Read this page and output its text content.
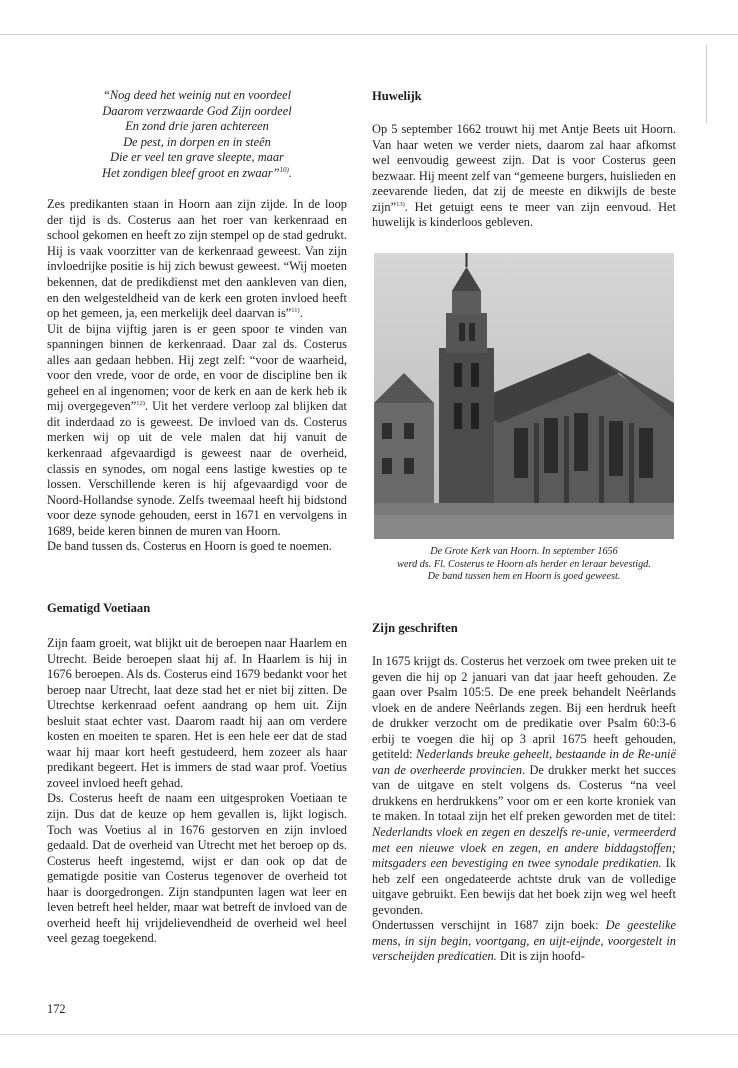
“Nog deed het weinig nut en voordeel
Daarom verzwaarde God Zijn oordeel
En zond drie jaren achtereen
De pest, in dorpen en in steên
Die er veel ten grave sleepte, maar
Het zondigen bleef groot en zwaar”$^{10)}$.

Zes predikanten staan in Hoorn aan zijn zijde. In de loop der tijd is ds. Costerus aan het roer van kerkenraad en school gekomen en heeft zo zijn stempel op de stad gedrukt. Hij is vaak voorzitter van de kerkenraad geweest. Van zijn invloedrijke positie is hij zich bewust geweest. “Wij moeten bekennen, dat de predikdienst met den aankleven van dien, en den welgesteldheid van de kerk een groten invloed heeft op het gemeen, ja, een merkelijk deel daarvan is”$^{11)}$.

Uit de bijna vijftig jaren is er geen spoor te vinden van spanningen binnen de kerkenraad. Daar zal ds. Costerus alles aan gedaan hebben. Hij zegt zelf: “voor de waarheid, voor den vrede, voor de orde, en voor de discipline ben ik geheel en al ingenomen; voor de kerk en aan de kerk heb ik mij overgegeven”$^{12)}$. Uit het verdere verloop zal blijken dat dit inderdaad zo is geweest. De invloed van ds. Costerus merken wij op uit de vele malen dat hij vanuit de kerkenraad afgevaardigd is geweest naar de overheid, classis en synodes, om nogal eens lastige kwesties op te lossen. Verschillende keren is hij afgevaardigd voor de Noord-Hollandse synode. Zelfs tweemaal heeft hij bidstond voor deze synode gehouden, eerst in 1671 en vervolgens in 1689, beide keren binnen de muren van Hoorn.

De band tussen ds. Costerus en Hoorn is goed te noemen.

Gematigd Voetiaan

Zijn faam groeit, wat blijkt uit de beroepen naar Haarlem en Utrecht. Beide beroepen slaat hij af. In Haarlem is hij in 1676 beroepen. Als ds. Costerus eind 1679 bedankt voor het beroep naar Utrecht, laat deze stad het er niet bij zitten. De Utrechtse kerkenraad oefent aandrang op hem uit. Zijn besluit staat echter vast. Daarom raadt hij aan om verdere kosten en moeiten te sparen. Het is een hele eer dat de stad waar hij maar kort heeft gestudeerd, hem zozeer als haar predikant begeert. Het is immers de stad waar prof. Voetius zoveel invloed heeft gehad.

Ds. Costerus heeft de naam een uitgesproken Voetiaan te zijn. Dus dat de keuze op hem gevallen is, lijkt logisch. Toch was Voetius al in 1676 gestorven en zijn invloed gedaald. Dat de overheid van Utrecht met het beroep op ds. Costerus heeft ingestemd, wijst er dan ook op dat de gematigde positie van Costerus tegenover de overheid tot haar is doorgedrongen. Zijn standpunten lagen wat leer en leven betreft heel helder, maar wat betreft de invloed van de overheid heeft hij vrijdelievendheid de overheid wel heel veel gezag toegekend.

172
Huwelijk

Op 5 september 1662 trouwt hij met Antje Beets uit Hoorn. Van haar weten we verder niets, daarom zal haar afkomst wel eenvoudig geweest zijn. Dat is voor Costerus geen bezwaar. Hij meent zelf van “gemeene burgers, huislieden en zeevarende lieden, dat zij de meeste en dikwijls de beste zijn”$^{13)}$. Het getuigt eens te meer van zijn eenvoud. Het huwelijk is kinderloos gebleven.

De Grote Kerk van Hoorn. In september 1656
werd ds. Fl. Costerus te Hoorn als herder en leraar bevestigd.
De band tussen hem en Hoorn is goed geweest.
Zijn geschriften

In 1675 krijgt ds. Costerus het verzoek om twee preken uit te geven die hij op 2 januari van dat jaar heeft gehouden. Ze gaan over Psalm 105:5. De ene preek behandelt Neêrlands vloek en de andere Neêrlands zegen. Bij een herdruk heeft de drukker verzocht om de predikatie over Psalm 60:3-6 erbij te voegen die hij op 3 april 1675 heeft gehouden, getiteld: Nederlands breuke geheelt, bestaande in de Re-unië van de overheerde provincien. De drukker merkt het succes van de uitgave en stelt volgens ds. Costerus “na veel drukkens en herdrukkens” voor om er een korte kroniek van te maken. In totaal zijn het elf preken geworden met de titel: Nederlandts vloek en zegen en deszelfs re-unie, vermeerderd met een nieuwe vloek en zegen, en andere biddagstoffen; mitsgaders een bevestiging en twee synodale predikatien. Ik heb zelf een ongedateerde achtste druk van de volledige uitgave gebruikt. Een bewijs dat het boek zijn weg wel heeft gevonden.

Ondertussen verschijnt in 1687 zijn boek: De geestelike mens, in sijn begin, voortgang, en uijt-eijnde, voorgestelt in verscheijden predicatien. Dit is zijn hoofd-
